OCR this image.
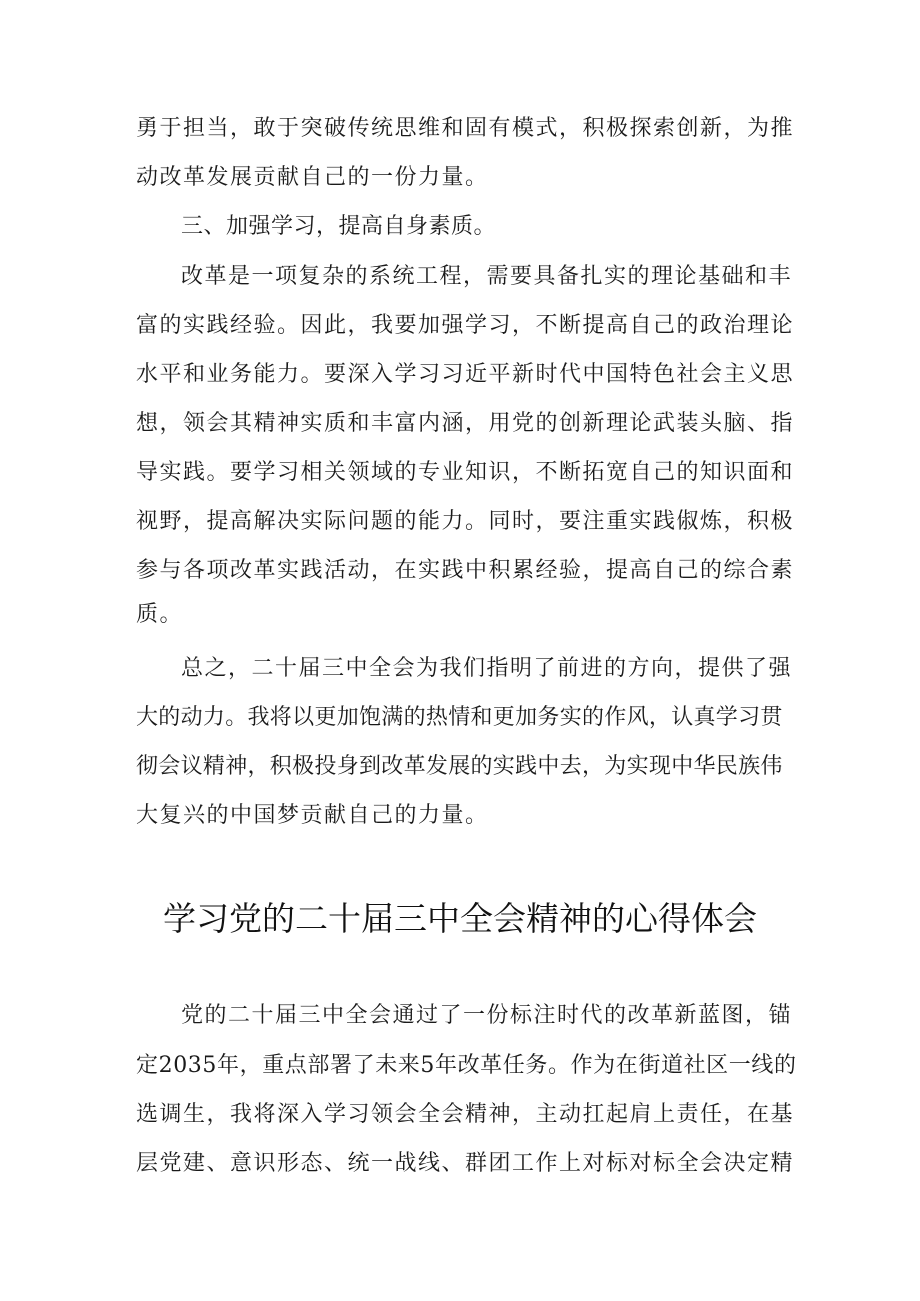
勇于担当，敢于突破传统思维和固有模式，积极探索创新，为推
动改革发展贡献自己的一份力量。
三、加强学习，提高自身素质。
改革是一项复杂的系统工程，需要具备扎实的理论基础和丰
富的实践经验。因此，我要加强学习，不断提高自己的政治理论
水平和业务能力。要深入学习习近平新时代中国特色社会主义思
想，领会其精神实质和丰富内涵，用党的创新理论武装头脑、指
导实践。要学习相关领域的专业知识，不断拓宽自己的知识面和
视野，提高解决实际问题的能力。同时，要注重实践俶炼，积极
参与各项改革实践活动，在实践中积累经验，提高自己的综合素
质。
总之，二十届三中全会为我们指明了前进的方向，提供了强
大的动力。我将以更加饱满的热情和更加务实的作风，认真学习贯
彻会议精神，积极投身到改革发展的实践中去，为实现中华民族伟
大复兴的中国梦贡献自己的力量。
学习党的二十届三中全会精神的心得体会
党的二十届三中全会通过了一份标注时代的改革新蓝图，锚
定2035年，重点部署了未来5年改革任务。作为在街道社区一线的
选调生，我将深入学习领会全会精神，主动扛起肩上责任，在基
层党建、意识形态、统一战线、群团工作上对标对标全会决定精
